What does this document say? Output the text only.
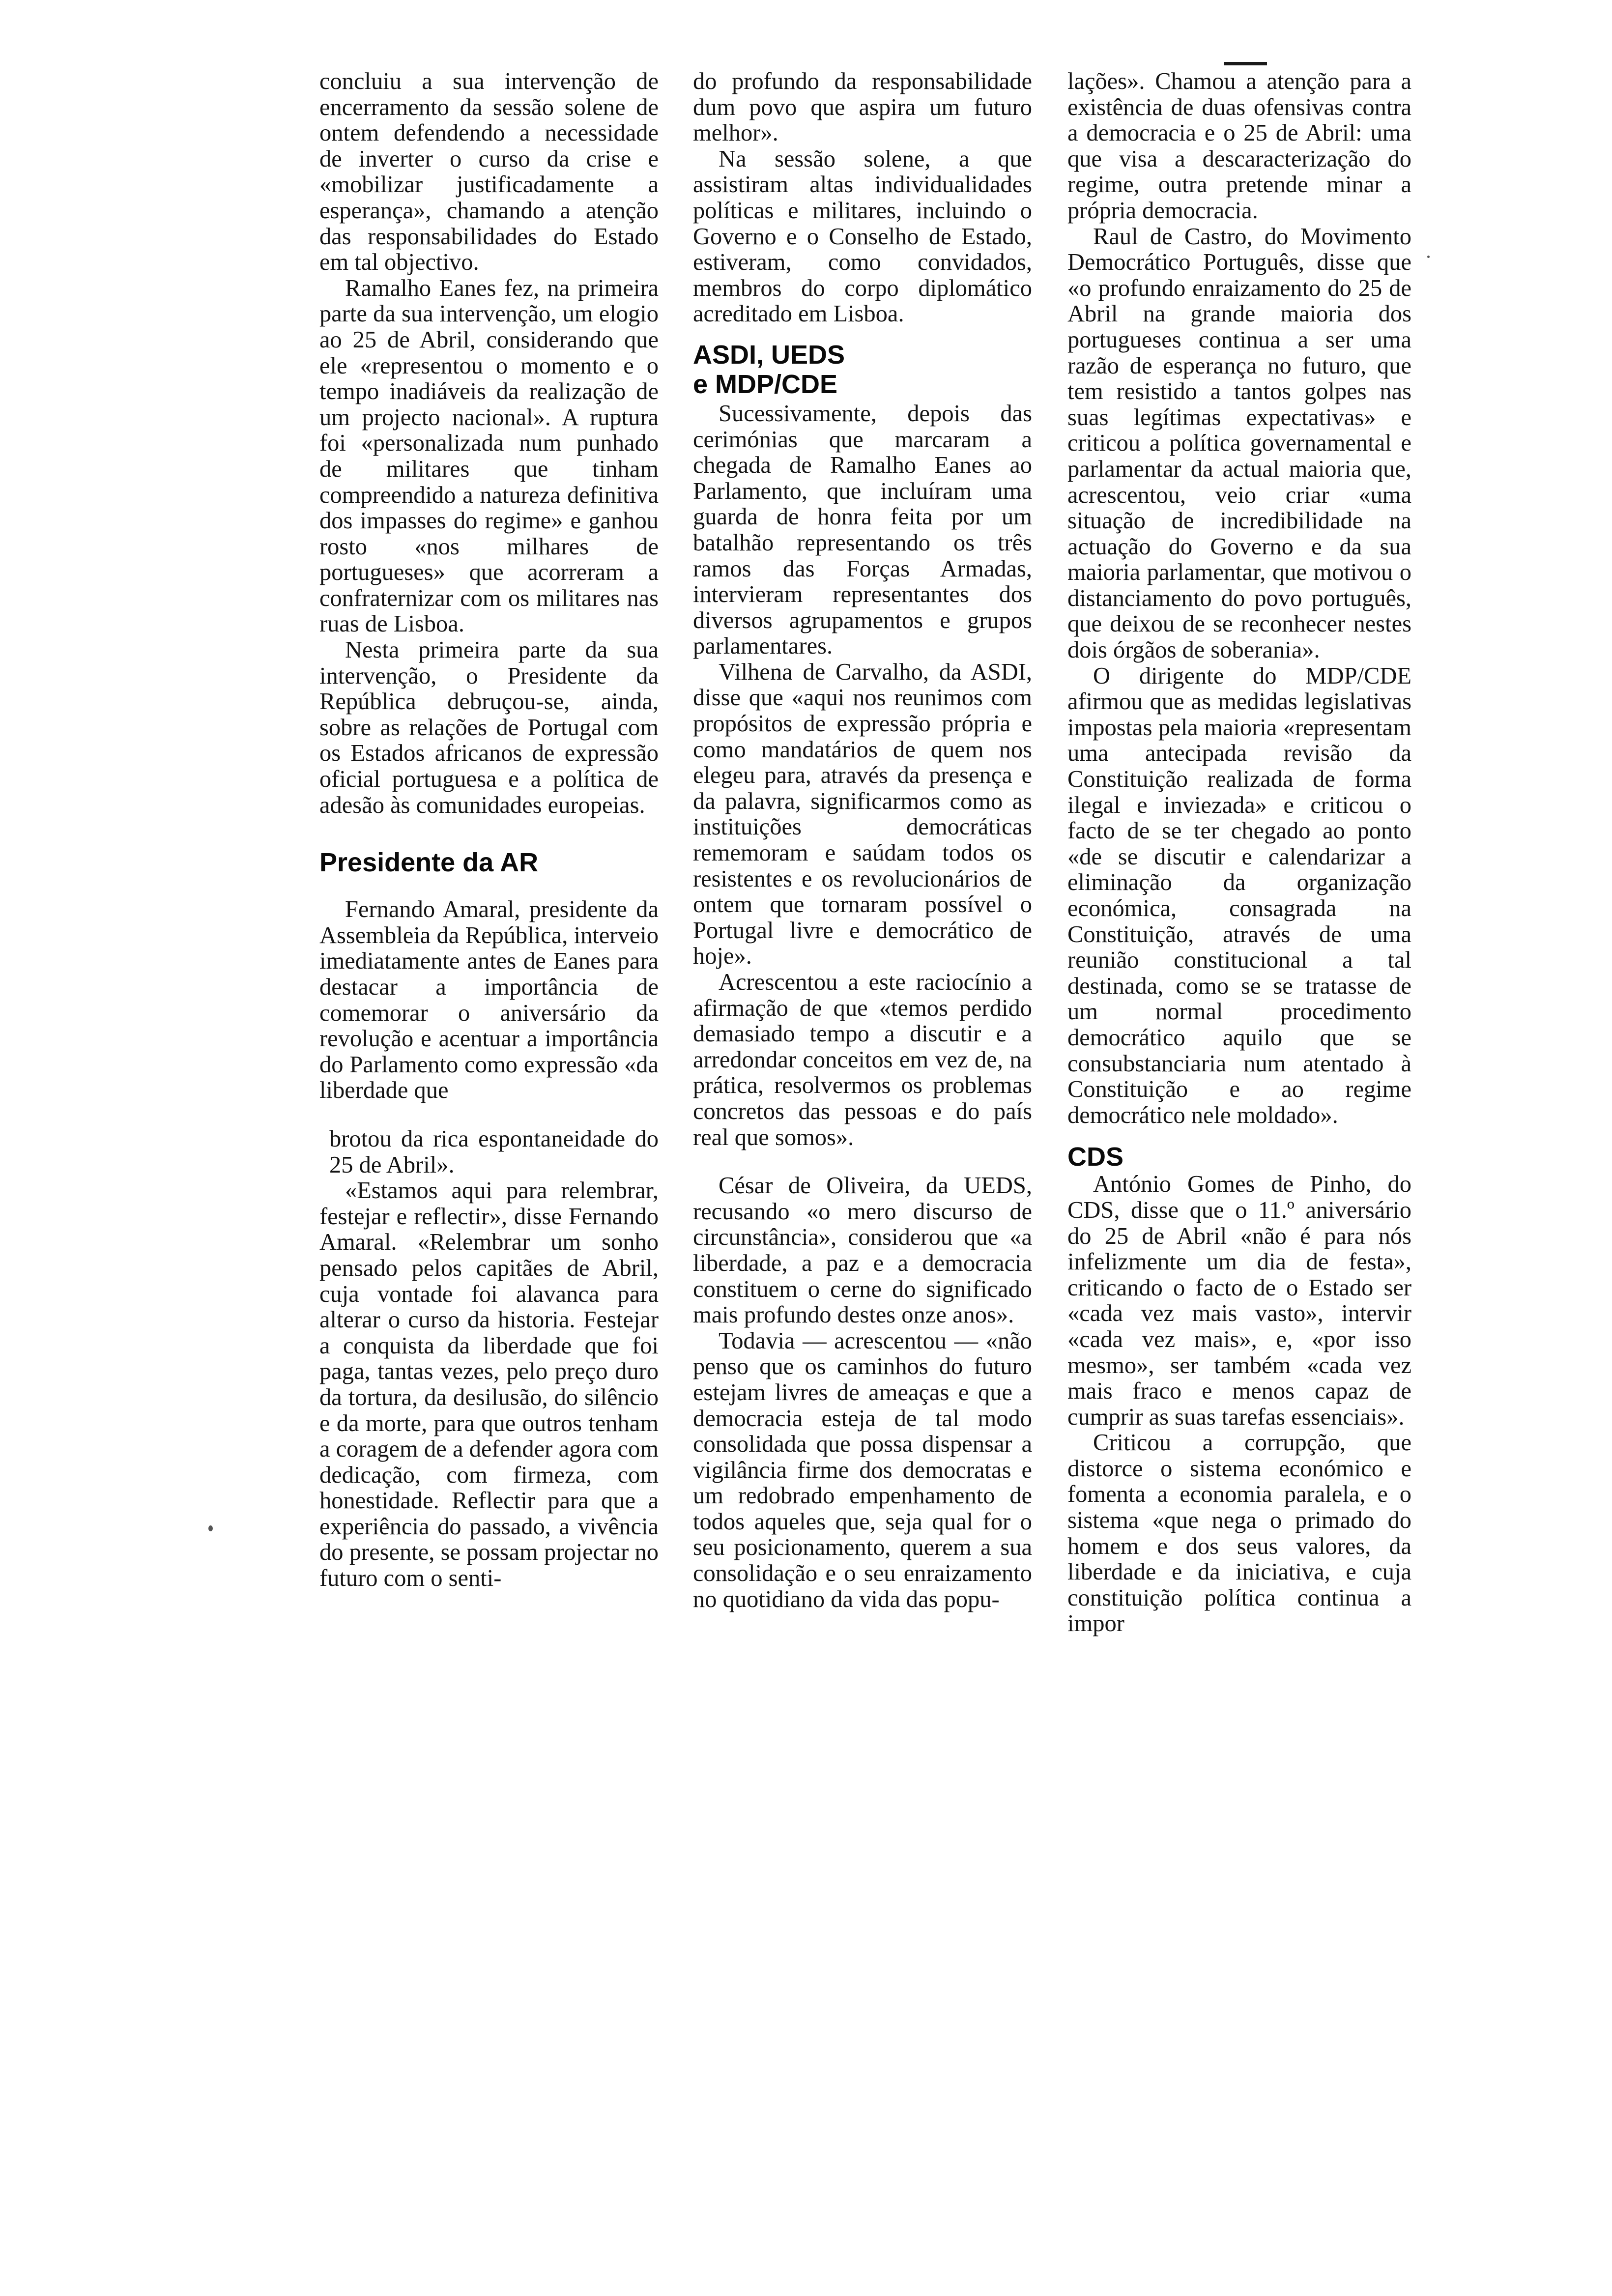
concluiu a sua intervenção de encerramento da sessão solene de ontem defendendo a necessidade de inverter o curso da crise e «mobilizar justificadamente a esperança», chamando a atenção das responsabilidades do Estado em tal objectivo.

Ramalho Eanes fez, na primeira parte da sua intervenção, um elogio ao 25 de Abril, considerando que ele «representou o momento e o tempo inadiáveis da realização de um projecto nacional». A ruptura foi «personalizada num punhado de militares que tinham compreendido a natureza definitiva dos impasses do regime» e ganhou rosto «nos milhares de portugueses» que acorreram a confraternizar com os militares nas ruas de Lisboa.

Nesta primeira parte da sua intervenção, o Presidente da República debruçou-se, ainda, sobre as relações de Portugal com os Estados africanos de expressão oficial portuguesa e a política de adesão às comunidades europeias.

Presidente da AR

Fernando Amaral, presidente da Assembleia da República, interveio imediatamente antes de Eanes para destacar a importância de comemorar o aniversário da revolução e acentuar a importância do Parlamento como expressão «da liberdade que

brotou da rica espontaneidade do 25 de Abril».

«Estamos aqui para relembrar, festejar e reflectir», disse Fernando Amaral. «Relembrar um sonho pensado pelos capitães de Abril, cuja vontade foi alavanca para alterar o curso da historia. Festejar a conquista da liberdade que foi paga, tantas vezes, pelo preço duro da tortura, da desilusão, do silêncio e da morte, para que outros tenham a coragem de a defender agora com dedicação, com firmeza, com honestidade. Reflectir para que a experiência do passado, a vivência do presente, se possam projectar no futuro com o senti-

do profundo da responsabilidade dum povo que aspira um futuro melhor».

Na sessão solene, a que assistiram altas individualidades políticas e militares, incluindo o Governo e o Conselho de Estado, estiveram, como convidados, membros do corpo diplomático acreditado em Lisboa.

ASDI, UEDS
e MDP/CDE

Sucessivamente, depois das cerimónias que marcaram a chegada de Ramalho Eanes ao Parlamento, que incluíram uma guarda de honra feita por um batalhão representando os três ramos das Forças Armadas, intervieram representantes dos diversos agrupamentos e grupos parlamentares.

Vilhena de Carvalho, da ASDI, disse que «aqui nos reunimos com propósitos de expressão própria e como mandatários de quem nos elegeu para, através da presença e da palavra, significarmos como as instituições democráticas rememoram e saúdam todos os resistentes e os revolucionários de ontem que tornaram possível o Portugal livre e democrático de hoje».

Acrescentou a este raciocínio a afirmação de que «temos perdido demasiado tempo a discutir e a arredondar conceitos em vez de, na prática, resolvermos os problemas concretos das pessoas e do país real que somos».

César de Oliveira, da UEDS, recusando «o mero discurso de circunstância», considerou que «a liberdade, a paz e a democracia constituem o cerne do significado mais profundo destes onze anos».

Todavia — acrescentou — «não penso que os caminhos do futuro estejam livres de ameaças e que a democracia esteja de tal modo consolidada que possa dispensar a vigilância firme dos democratas e um redobrado empenhamento de todos aqueles que, seja qual for o seu posicionamento, querem a sua consolidação e o seu enraizamento no quotidiano da vida das popu-

lações». Chamou a atenção para a existência de duas ofensivas contra a democracia e o 25 de Abril: uma que visa a descaracterização do regime, outra pretende minar a própria democracia.

Raul de Castro, do Movimento Democrático Português, disse que «o profundo enraizamento do 25 de Abril na grande maioria dos portugueses continua a ser uma razão de esperança no futuro, que tem resistido a tantos golpes nas suas legítimas expectativas» e criticou a política governamental e parlamentar da actual maioria que, acrescentou, veio criar «uma situação de incredibilidade na actuação do Governo e da sua maioria parlamentar, que motivou o distanciamento do povo português, que deixou de se reconhecer nestes dois órgãos de soberania».

O dirigente do MDP/CDE afirmou que as medidas legislativas impostas pela maioria «representam uma antecipada revisão da Constituição realizada de forma ilegal e inviezada» e criticou o facto de se ter chegado ao ponto «de se discutir e calendarizar a eliminação da organização económica, consagrada na Constituição, através de uma reunião constitucional a tal destinada, como se se tratasse de um normal procedimento democrático aquilo que se consubstanciaria num atentado à Constituição e ao regime democrático nele moldado».

CDS

António Gomes de Pinho, do CDS, disse que o 11.º aniversário do 25 de Abril «não é para nós infelizmente um dia de festa», criticando o facto de o Estado ser «cada vez mais vasto», intervir «cada vez mais», e, «por isso mesmo», ser também «cada vez mais fraco e menos capaz de cumprir as suas tarefas essenciais».

Criticou a corrupção, que distorce o sistema económico e fomenta a economia paralela, e o sistema «que nega o primado do homem e dos seus valores, da liberdade e da iniciativa, e cuja constituição política continua a impor
